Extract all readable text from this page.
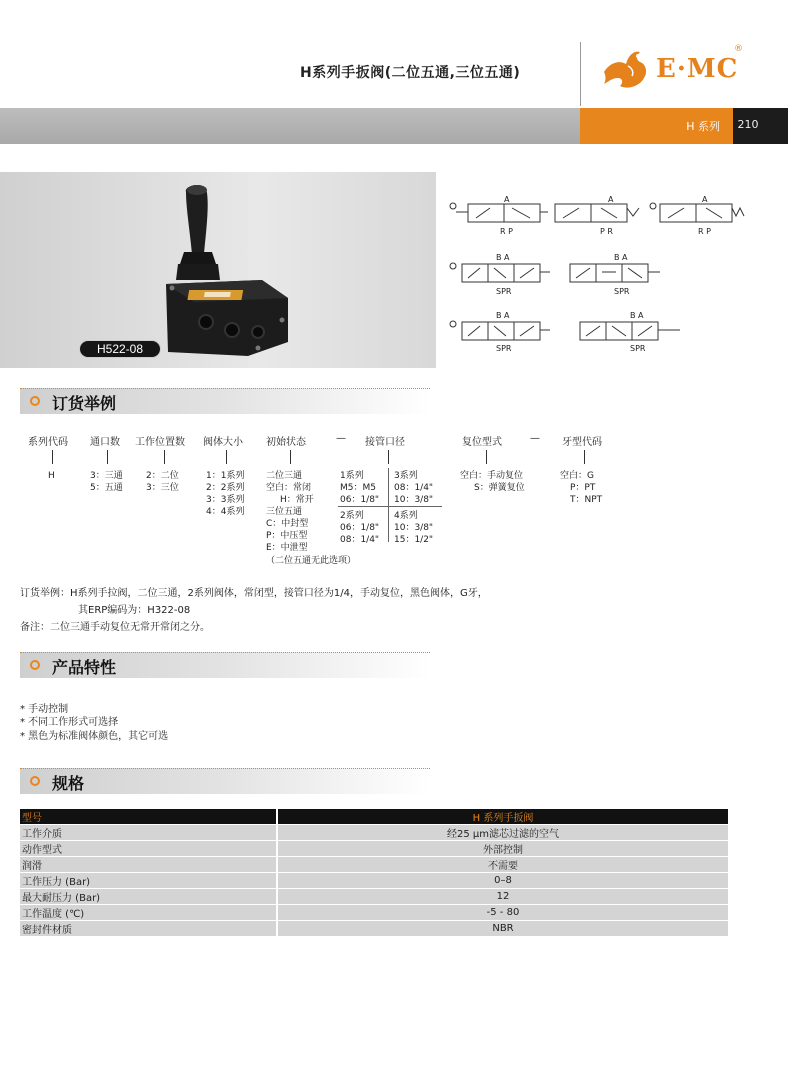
H系列手扳阀(二位五通,三位五通)	E·MC
®
H 系列	210
H522-08
A
R P
A
P R
A
R P
B A
SPR
B A
SPR
B A
SPR
B A
SPR
订货举例
系列代码 通口数 工作位置数 阀体大小 初始状态	— 接管口径	复位型式	— 牙型代码
H	3：三通
5：五通
2：二位
3：三位
1：1系列
2：2系列
3：3系列
4：4系列
二位三通
空白：常闭
H：常开
三位五通
C：中封型
P：中压型
E：中泄型
（二位五通无此选项）
1系列
M5：M5
06：1/8"
3系列
08：1/4"
10：3/8"
2系列
06：1/8"
08：1/4"
4系列
10：3/8"
15：1/2"
空白：手动复位
S：弹簧复位
空白：G
P：PT
T：NPT
订货举例：H系列手拉阀，二位三通，2系列阀体，常闭型，接管口径为1/4，手动复位，黑色阀体，G牙，
其ERP编码为：H322-08
备注：二位三通手动复位无常开常闭之分。
产品特性
* 手动控制
* 不同工作形式可选择
* 黑色为标准阀体颜色，其它可选
规格
型号		H 系列手扳阀
工作介质		经25 μm滤芯过滤的空气
动作型式		外部控制
润滑		不需要
工作压力 (Bar)		0–8
最大耐压力 (Bar)		12
工作温度 (℃)		-5 - 80
密封件材质		NBR
